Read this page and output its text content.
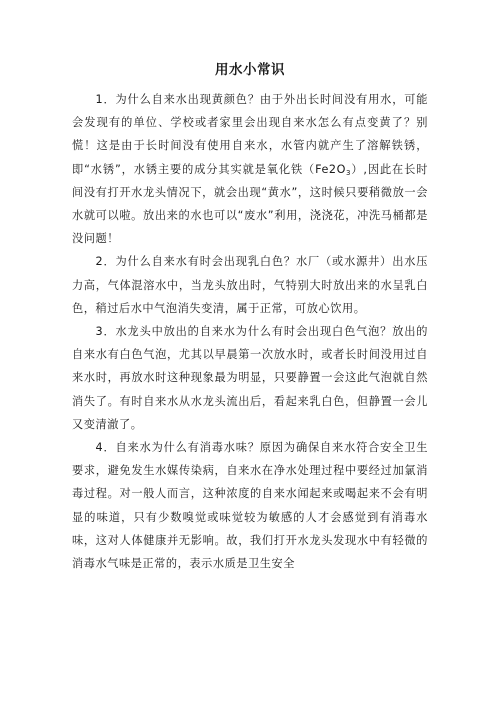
用水小常识

1．为什么自来水出现黄颜色？由于外出长时间没有用水，可能会发现有的单位、学校或者家里会出现自来水怎么有点变黄了？别慌！这是由于长时间没有使用自来水，水管内就产生了溶解铁锈，即“水锈”，水锈主要的成分其实就是氧化铁$(Fe2O_3)$,因此在长时间没有打开水龙头情况下，就会出现“黄水”，这时候只要稍微放一会水就可以啦。放出来的水也可以“废水”利用，浇浇花，冲洗马桶都是没问题！

2．为什么自来水有时会出现乳白色？水厂（或水源井）出水压力高，气体混溶水中，当龙头放出时，气特别大时放出来的水呈乳白色，稍过后水中气泡消失变清，属于正常，可放心饮用。

3．水龙头中放出的自来水为什么有时会出现白色气泡？放出的自来水有白色气泡，尤其以早晨第一次放水时，或者长时间没用过自来水时，再放水时这种现象最为明显，只要静置一会这此气泡就自然消失了。有时自来水从水龙头流出后，看起来乳白色，但静置一会儿又变清澈了。

4．自来水为什么有消毒水味？原因为确保自来水符合安全卫生要求，避免发生水媒传染病，自来水在净水处理过程中要经过加氯消毒过程。对一般人而言，这种浓度的自来水闻起来或喝起来不会有明显的味道，只有少数嗅觉或味觉较为敏感的人才会感觉到有消毒水味，这对人体健康并无影响。故，我们打开水龙头发现水中有轻微的消毒水气味是正常的，表示水质是卫生安全
